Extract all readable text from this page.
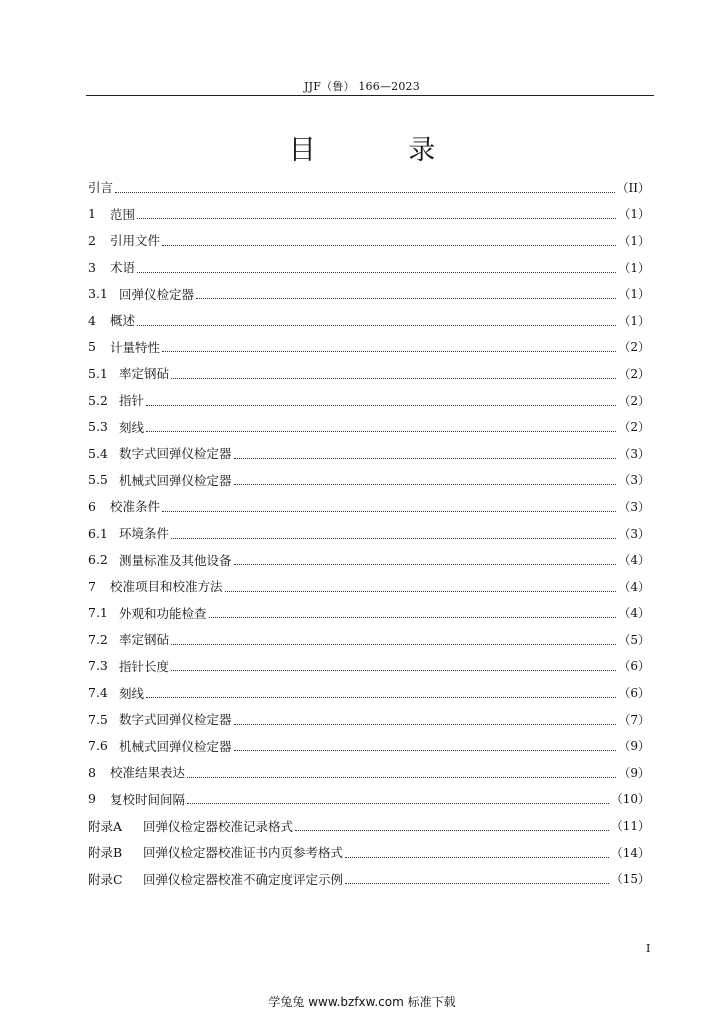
JJF（鲁） 166—2023
目 录
引言	（II）
1	范围	（1）
2	引用文件	（1）
3	术语	（1）
3.1 回弹仪检定器	（1）
4	概述	（1）
5	计量特性	（2）
5.1 率定钢砧	（2）
5.2 指针	（2）
5.3 刻线	（2）
5.4 数字式回弹仪检定器	（3）
5.5 机械式回弹仪检定器	（3）
6	校准条件	（3）
6.1 环境条件	（3）
6.2 测量标准及其他设备	（4）
7	校准项目和校准方法	（4）
7.1 外观和功能检查	（4）
7.2 率定钢砧	（5）
7.3 指针长度	（6）
7.4 刻线	（6）
7.5 数字式回弹仪检定器	（7）
7.6 机械式回弹仪检定器	（9）
8	校准结果表达	（9）
9	复校时间间隔	（10）
附录A	回弹仪检定器校准记录格式	（11）
附录B	回弹仪检定器校准证书内页参考格式	（14）
附录C	回弹仪检定器校准不确定度评定示例	（15）
I
学兔兔 www.bzfxw.com 标准下载
